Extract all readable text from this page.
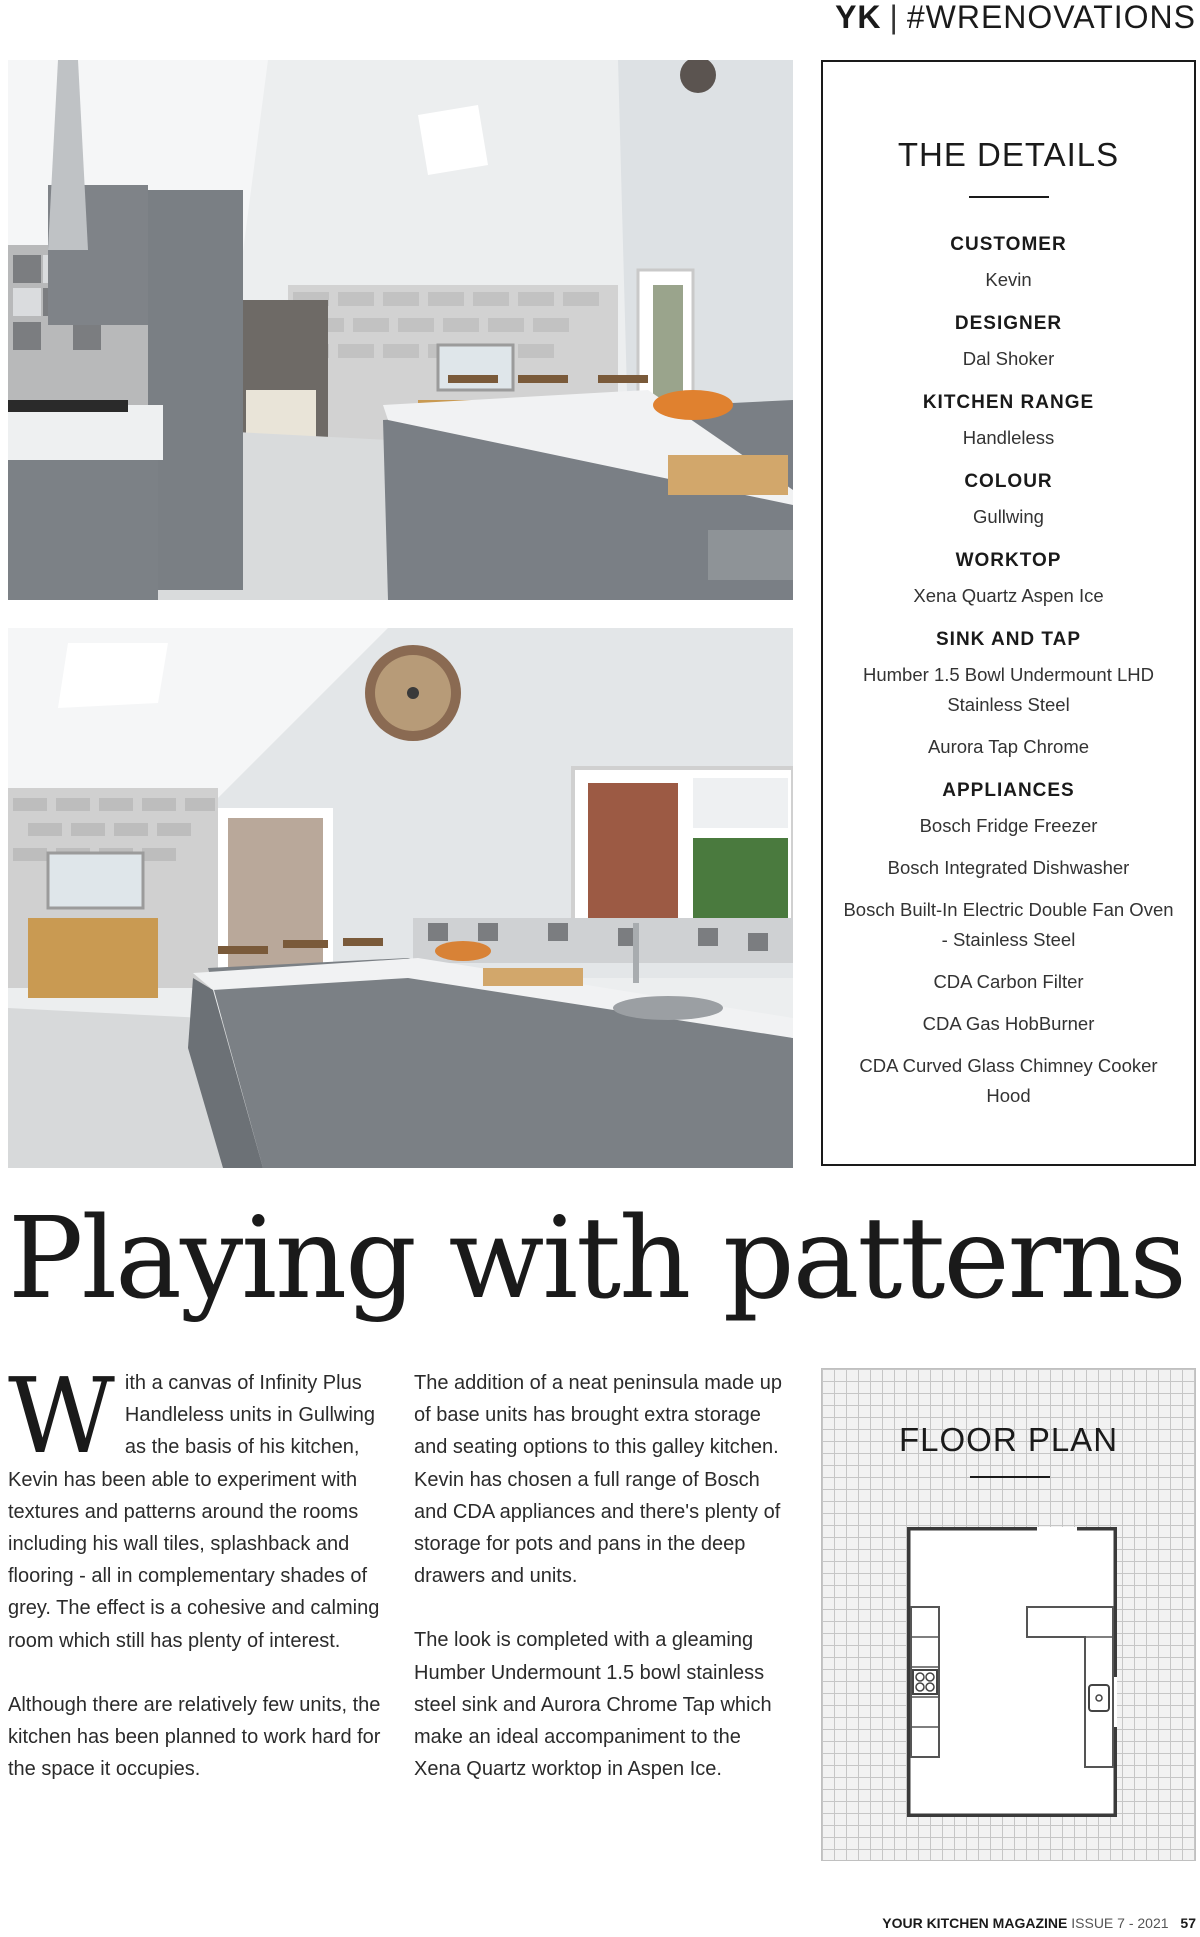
YK | #WRENOVATIONS
THE DETAILS
CUSTOMER
Kevin
DESIGNER
Dal Shoker
KITCHEN RANGE
Handleless
COLOUR
Gullwing
WORKTOP
Xena Quartz Aspen Ice
SINK AND TAP
Humber 1.5 Bowl Undermount LHD Stainless Steel
Aurora Tap Chrome
APPLIANCES
Bosch Fridge Freezer
Bosch Integrated Dishwasher
Bosch Built-In Electric Double Fan Oven - Stainless Steel
CDA Carbon Filter
CDA Gas HobBurner
CDA Curved Glass Chimney Cooker Hood
Playing with patterns

With a canvas of Infinity Plus Handleless units in Gullwing as the basis of his kitchen, Kevin has been able to experiment with textures and patterns around the rooms including his wall tiles, splashback and flooring - all in complementary shades of grey. The effect is a cohesive and calming room which still has plenty of interest.

Although there are relatively few units, the kitchen has been planned to work hard for the space it occupies.

The addition of a neat peninsula made up of base units has brought extra storage and seating options to this galley kitchen. Kevin has chosen a full range of Bosch and CDA appliances and there's plenty of storage for pots and pans in the deep drawers and units.

The look is completed with a gleaming Humber Undermount 1.5 bowl stainless steel sink and Aurora Chrome Tap which make an ideal accompaniment to the Xena Quartz worktop in Aspen Ice.

FLOOR PLAN
YOUR KITCHEN MAGAZINE ISSUE 7 - 2021 57
